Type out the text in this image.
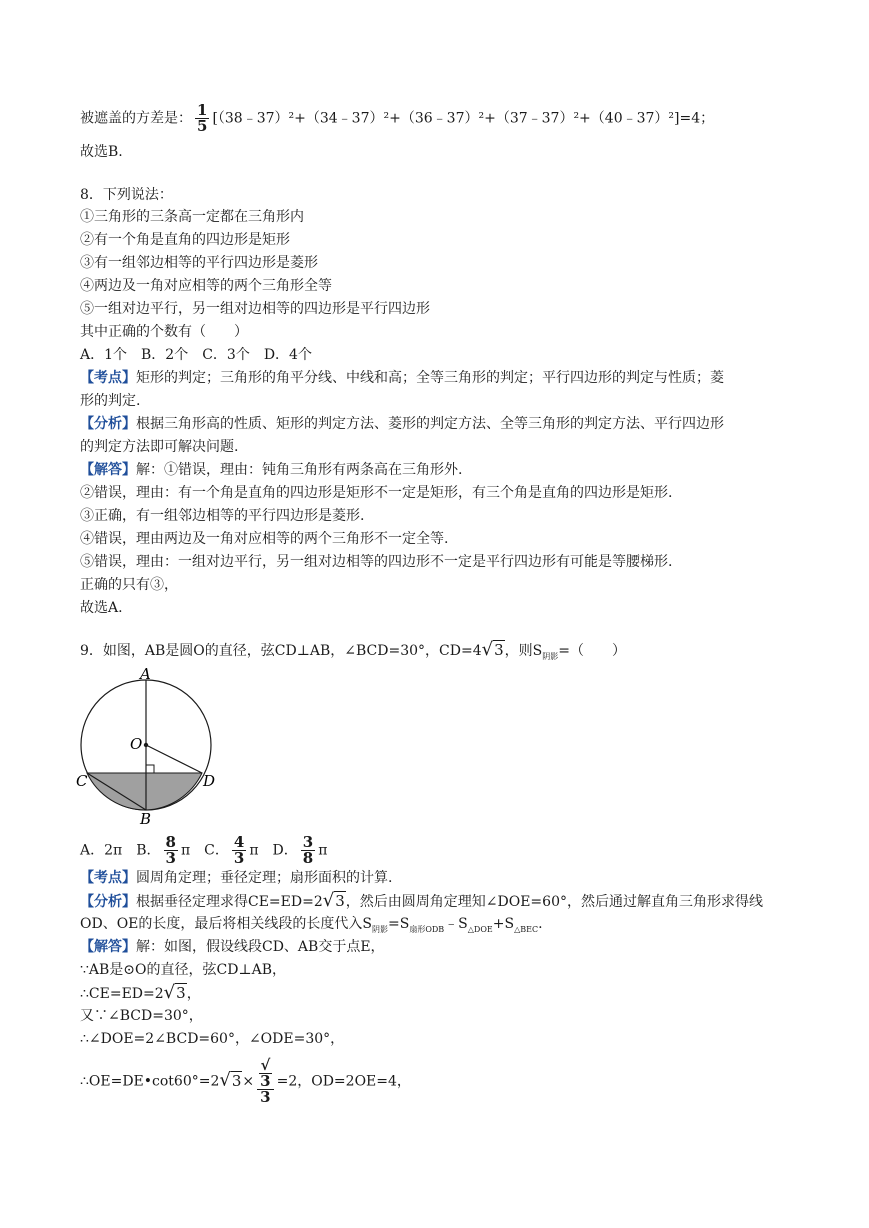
被遮盖的方差是： $\frac{1}{5}$ [（38﹣37）²+（34﹣37）²+（36﹣37）²+（37﹣37）²+（40﹣37）²]=4；
故选B.
8．下列说法：
①三角形的三条高一定都在三角形内
②有一个角是直角的四边形是矩形
③有一组邻边相等的平行四边形是菱形
④两边及一角对应相等的两个三角形全等
⑤一组对边平行，另一组对边相等的四边形是平行四边形
其中正确的个数有（　　）
A．1个　B．2个　C．3个　D．4个
【考点】矩形的判定；三角形的角平分线、中线和高；全等三角形的判定；平行四边形的判定与性质；菱
形的判定.
【分析】根据三角形高的性质、矩形的判定方法、菱形的判定方法、全等三角形的判定方法、平行四边形
的判定方法即可解决问题.
【解答】解：①错误，理由：钝角三角形有两条高在三角形外.
②错误，理由：有一个角是直角的四边形是矩形不一定是矩形，有三个角是直角的四边形是矩形.
③正确，有一组邻边相等的平行四边形是菱形.
④错误，理由两边及一角对应相等的两个三角形不一定全等.
⑤错误，理由：一组对边平行，另一组对边相等的四边形不一定是平行四边形有可能是等腰梯形.
正确的只有③，
故选A.
9．如图，AB是圆O的直径，弦CD⊥AB，∠BCD=30°，CD=4√3，则$S_{阴影}=$（　　）
A
O
C	D
B
A．2π　B． $\frac{8}{3}$ π　C． $\frac{4}{3}$ π　D． $\frac{3}{8}$ π
【考点】圆周角定理；垂径定理；扇形面积的计算.
【分析】根据垂径定理求得CE=ED=2√3，然后由圆周角定理知∠DOE=60°，然后通过解直角三角形求得线
OD、OE的长度，最后将相关线段的长度代入$S_{阴影}=S_{扇形ODB}﹣S_{\triangle DOE}+S_{\triangle BEC}$.
【解答】解：如图，假设线段CD、AB交于点E，
∵AB是⊙O的直径，弦CD⊥AB，
∴CE=ED=2√3，
又∵∠BCD=30°，
∴∠DOE=2∠BCD=60°，∠ODE=30°，
∴OE=DE•cot60°=2√3× √
3
3 =2，OD=2OE=4，
